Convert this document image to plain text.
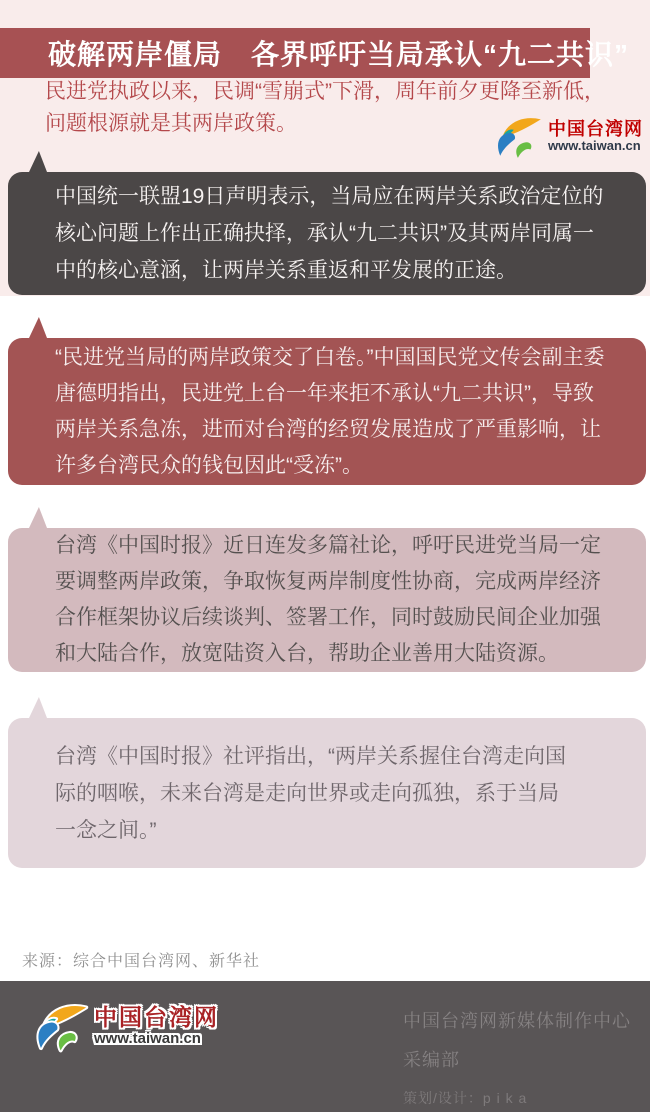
破解两岸僵局　各界呼吁当局承认“九二共识”
民进党执政以来，民调“雪崩式”下滑，周年前夕更降至新低，问题根源就是其两岸政策。	中国台湾网
www.taiwan.cn
中国统一联盟19日声明表示，当局应在两岸关系政治定位的核心问题上作出正确抉择，承认“九二共识”及其两岸同属一中的核心意涵，让两岸关系重返和平发展的正途。
“民进党当局的两岸政策交了白卷。”中国国民党文传会副主委唐德明指出，民进党上台一年来拒不承认“九二共识”，导致两岸关系急冻，进而对台湾的经贸发展造成了严重影响，让许多台湾民众的钱包因此“受冻”。
台湾《中国时报》近日连发多篇社论，呼吁民进党当局一定要调整两岸政策，争取恢复两岸制度性协商，完成两岸经济合作框架协议后续谈判、签署工作，同时鼓励民间企业加强和大陆合作，放宽陆资入台，帮助企业善用大陆资源。
台湾《中国时报》社评指出，“两岸关系握住台湾走向国际的咽喉，未来台湾是走向世界或走向孤独，系于当局一念之间。”
来源：综合中国台湾网、新华社
中国台湾网
www.taiwan.cn
中国台湾网新媒体制作中心
采编部
策划/设计：p i k a
